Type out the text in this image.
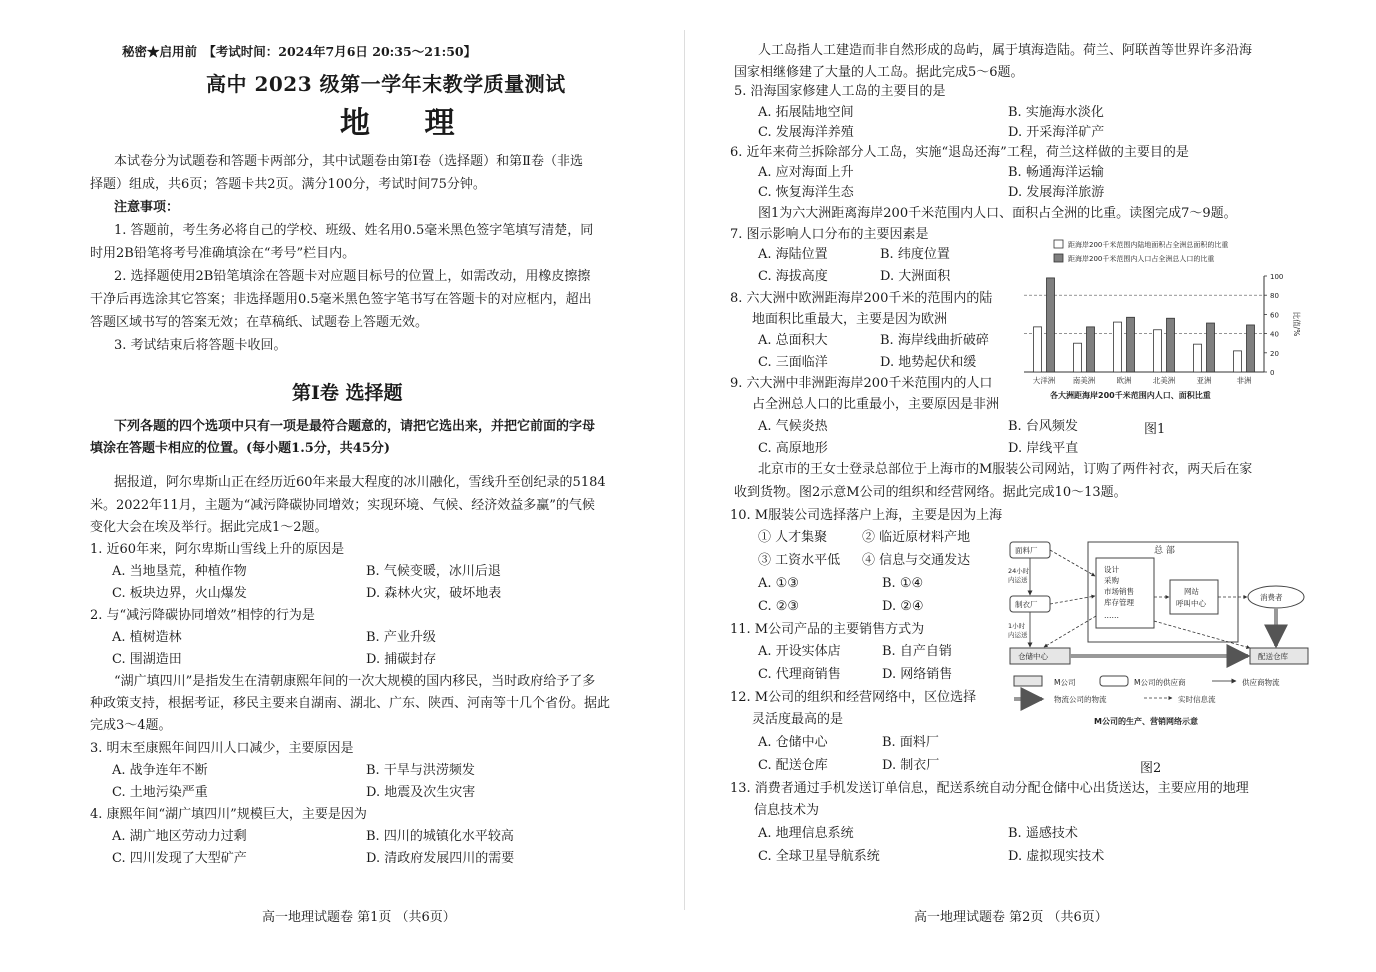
秘密★启用前　【考试时间：2024年7月6日 20:35～21:50】
高中 2023 级第一学年末教学质量测试
地 理
本试卷分为试题卷和答题卡两部分，其中试题卷由第Ⅰ卷（选择题）和第Ⅱ卷（非选
择题）组成，共6页；答题卡共2页。满分100分，考试时间75分钟。
注意事项：
1. 答题前，考生务必将自己的学校、班级、姓名用0.5毫米黑色签字笔填写清楚，同
时用2B铅笔将考号准确填涂在“考号”栏目内。
2. 选择题使用2B铅笔填涂在答题卡对应题目标号的位置上，如需改动，用橡皮擦擦
干净后再选涂其它答案；非选择题用0.5毫米黑色签字笔书写在答题卡的对应框内，超出
答题区域书写的答案无效；在草稿纸、试题卷上答题无效。
3. 考试结束后将答题卡收回。
第Ⅰ卷 选择题
下列各题的四个选项中只有一项是最符合题意的，请把它选出来，并把它前面的字母
填涂在答题卡相应的位置。(每小题1.5分，共45分)
据报道，阿尔卑斯山正在经历近60年来最大程度的冰川融化，雪线升至创纪录的5184
米。2022年11月，主题为“减污降碳协同增效；实现环境、气候、经济效益多赢”的气候
变化大会在埃及举行。据此完成1～2题。
1. 近60年来，阿尔卑斯山雪线上升的原因是
A. 当地垦荒，种植作物	B. 气候变暖，冰川后退
C. 板块边界，火山爆发	D. 森林火灾，破坏地表
2. 与“减污降碳协同增效”相悖的行为是
A. 植树造林	B. 产业升级
C. 围湖造田	D. 捕碳封存
“湖广填四川”是指发生在清朝康熙年间的一次大规模的国内移民，当时政府给予了多
种政策支持，根据考证，移民主要来自湖南、湖北、广东、陕西、河南等十几个省份。据此
完成3～4题。
3. 明末至康熙年间四川人口减少，主要原因是
A. 战争连年不断	B. 干旱与洪涝频发
C. 土地污染严重	D. 地震及次生灾害
4. 康熙年间“湖广填四川”规模巨大，主要是因为
A. 湖广地区劳动力过剩	B. 四川的城镇化水平较高
C. 四川发现了大型矿产	D. 清政府发展四川的需要
高一地理试题卷 第1页 （共6页）
人工岛指人工建造而非自然形成的岛屿，属于填海造陆。荷兰、阿联酋等世界许多沿海
国家相继修建了大量的人工岛。据此完成5～6题。
5. 沿海国家修建人工岛的主要目的是
A. 拓展陆地空间	B. 实施海水淡化
C. 发展海洋养殖	D. 开采海洋矿产
6. 近年来荷兰拆除部分人工岛，实施“退岛还海”工程，荷兰这样做的主要目的是
A. 应对海面上升	B. 畅通海洋运输
C. 恢复海洋生态	D. 发展海洋旅游
图1为六大洲距离海岸200千米范围内人口、面积占全洲的比重。读图完成7～9题。
7. 图示影响人口分布的主要因素是
A. 海陆位置	B. 纬度位置
C. 海拔高度	D. 大洲面积
8. 六大洲中欧洲距海岸200千米的范围内的陆
地面积比重最大，主要是因为欧洲
A. 总面积大	B. 海岸线曲折破碎
C. 三面临洋	D. 地势起伏和缓
9. 六大洲中非洲距海岸200千米范围内的人口
占全洲总人口的比重最小，主要原因是非洲
A. 气候炎热	B. 台风频发
C. 高原地形	D. 岸线平直
图1
北京市的王女士登录总部位于上海市的M服装公司网站，订购了两件衬衣，两天后在家
收到货物。图2示意M公司的组织和经营网络。据此完成10～13题。
10. M服装公司选择落户上海，主要是因为上海
① 人才集聚	② 临近原材料产地
③ 工资水平低 ④ 信息与交通发达
A. ①③	B. ①④
C. ②③	D. ②④
11. M公司产品的主要销售方式为
A. 开设实体店	B. 自产自销
C. 代理商销售	D. 网络销售
12. M公司的组织和经营网络中，区位选择
灵活度最高的是
A. 仓储中心	B. 面料厂
C. 配送仓库	D. 制衣厂	图2
13. 消费者通过手机发送订单信息，配送系统自动分配仓储中心出货送达，主要应用的地理
信息技术为
A. 地理信息系统	B. 遥感技术
C. 全球卫星导航系统	D. 虚拟现实技术
高一地理试题卷 第2页 （共6页）
距海岸200千米范围内陆地面积占全洲总面积的比重
距海岸200千米范围内人口占全洲总人口的比重
0
20
40
60
80
100
比值/%
大洋洲 南美洲	欧洲	北美洲	亚洲	非洲
各大洲距海岸200千米范围内人口、面积比重
总 部
设计
采购
市场销售
库存管理
……
网站
呼叫中心
消费者
面料厂
24小时
内运送
制衣厂
1小时
内运送
仓储中心	配送仓库
M公司	M公司的供应商	供应商物流
物流公司的物流	实时信息流
M公司的生产、营销网络示意
